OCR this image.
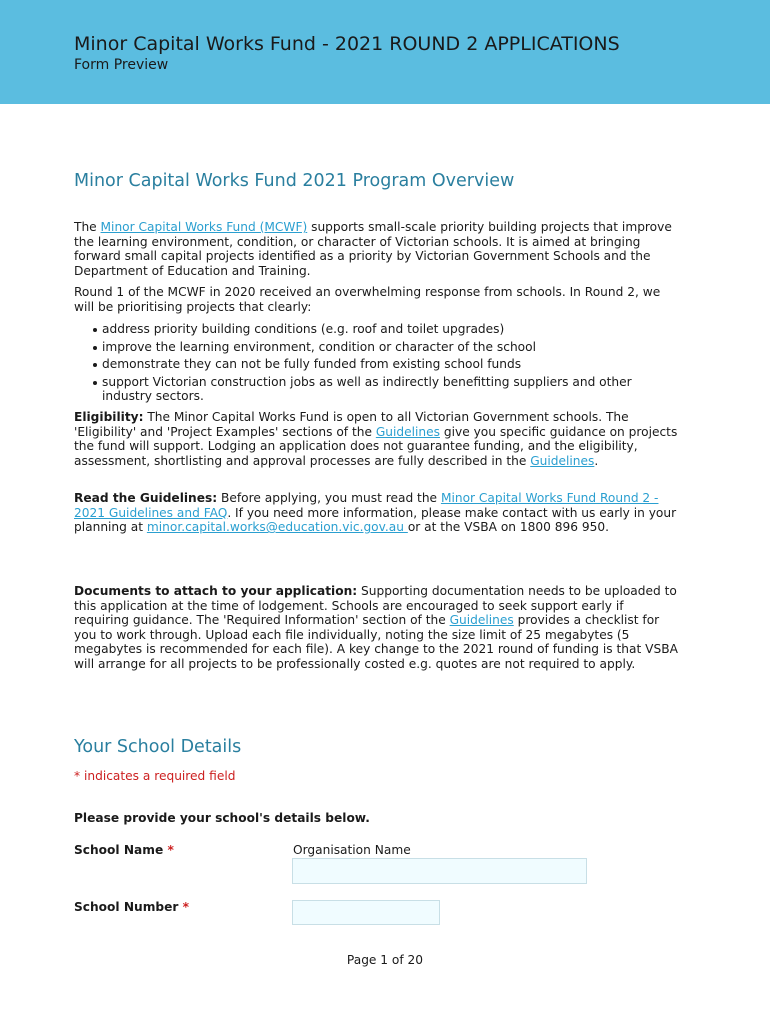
Minor Capital Works Fund - 2021 ROUND 2 APPLICATIONS
Form Preview
Minor Capital Works Fund 2021 Program Overview
The Minor Capital Works Fund (MCWF) supports small-scale priority building projects that improve the learning environment, condition, or character of Victorian schools. It is aimed at bringing forward small capital projects identified as a priority by Victorian Government Schools and the Department of Education and Training.
Round 1 of the MCWF in 2020 received an overwhelming response from schools. In Round 2, we will be prioritising projects that clearly:
address priority building conditions (e.g. roof and toilet upgrades)
improve the learning environment, condition or character of the school
demonstrate they can not be fully funded from existing school funds
support Victorian construction jobs as well as indirectly benefitting suppliers and other industry sectors.
Eligibility: The Minor Capital Works Fund is open to all Victorian Government schools. The 'Eligibility' and 'Project Examples' sections of the Guidelines give you specific guidance on projects the fund will support. Lodging an application does not guarantee funding, and the eligibility, assessment, shortlisting and approval processes are fully described in the Guidelines.
Read the Guidelines: Before applying, you must read the Minor Capital Works Fund Round 2 - 2021 Guidelines and FAQ. If you need more information, please make contact with us early in your planning at minor.capital.works@education.vic.gov.au or at the VSBA on 1800 896 950.
Documents to attach to your application: Supporting documentation needs to be uploaded to this application at the time of lodgement. Schools are encouraged to seek support early if requiring guidance. The 'Required Information' section of the Guidelines provides a checklist for you to work through. Upload each file individually, noting the size limit of 25 megabytes (5 megabytes is recommended for each file). A key change to the 2021 round of funding is that VSBA will arrange for all projects to be professionally costed e.g. quotes are not required to apply.
Your School Details
* indicates a required field
Please provide your school's details below.
School Name *	Organisation Name
School Number *
Page 1 of 20
